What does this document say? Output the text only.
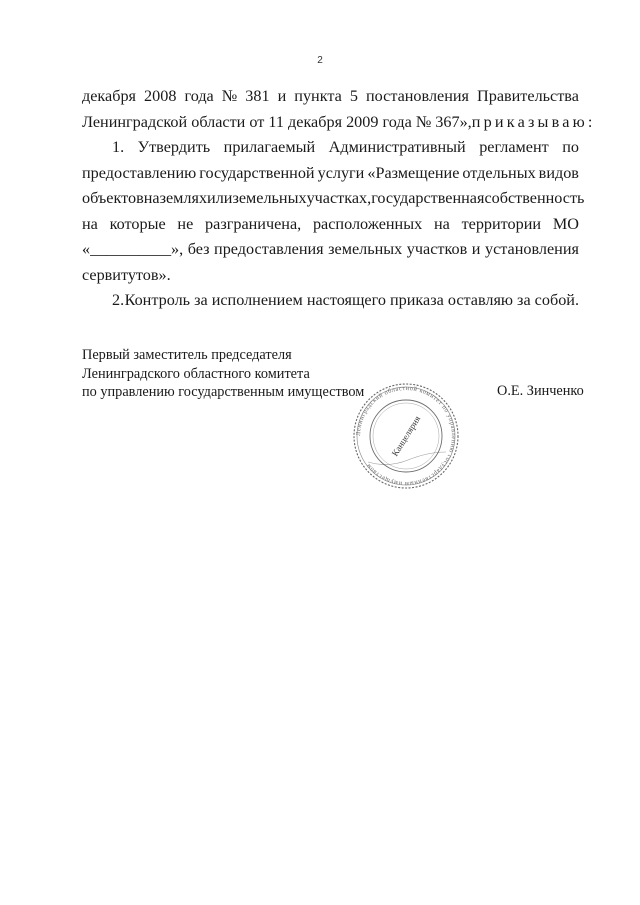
2
декабря 2008 года № 381 и пункта 5 постановления Правительства
Ленинградской области от 11 декабря 2009 года № 367», приказываю:
1. Утвердить прилагаемый Административный регламент по
предоставлению государственной услуги «Размещение отдельных видов
объектов на землях или земельных участках, государственная собственность
на которые не разграничена, расположенных на территории МО
«__________», без предоставления земельных участков и установления
сервитутов».
2. Контроль за исполнением настоящего приказа оставляю за собой.
Первый заместитель председателя
Ленинградского областного комитета
по управлению государственным имуществом	О.Е. Зинченко
Ленинградский областной комитет по управлению государственным имуществом
Канцелярия
